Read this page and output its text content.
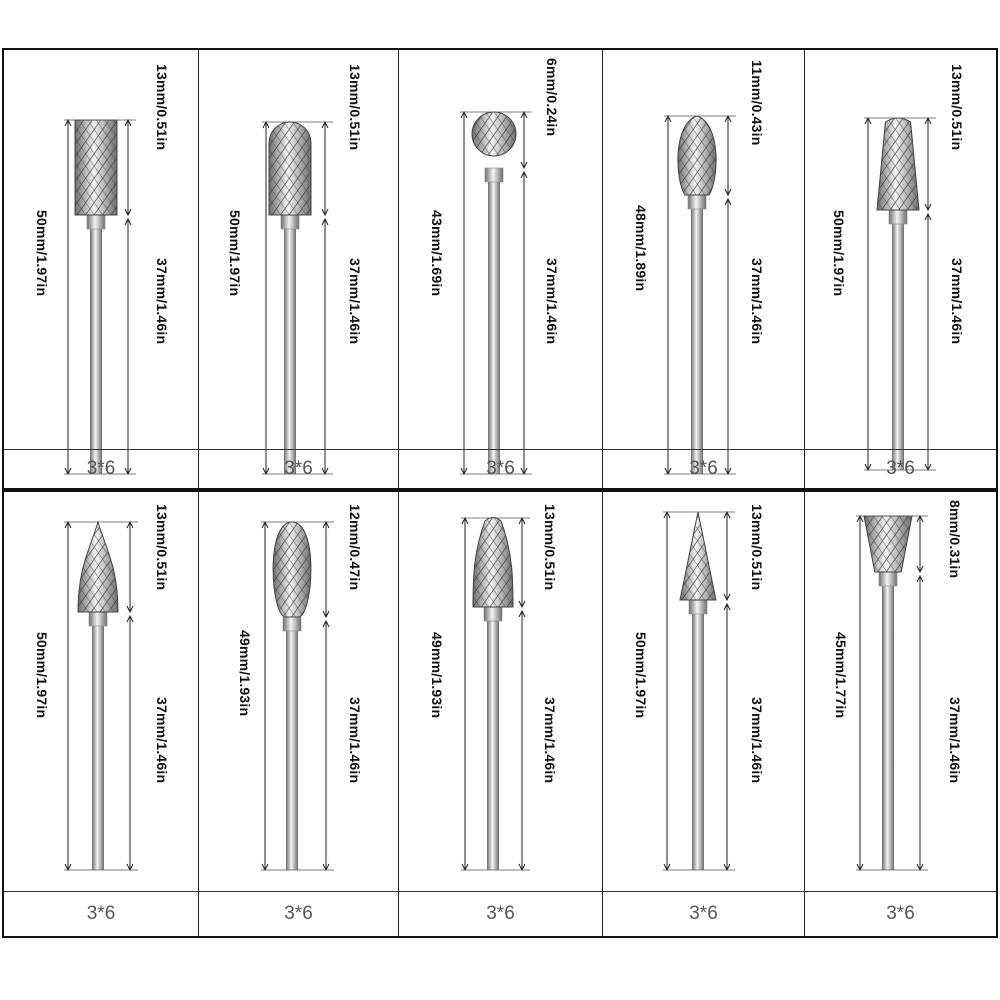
50mm/1.97in
13mm/0.51in
37mm/1.46in
3*6
50mm/1.97in
13mm/0.51in
37mm/1.46in
3*6
43mm/1.69in
6mm/0.24in
37mm/1.46in
3*6
48mm/1.89in
11mm/0.43in
37mm/1.46in
3*6
50mm/1.97in
13mm/0.51in
37mm/1.46in
3*6
50mm/1.97in
13mm/0.51in
37mm/1.46in
3*6
49mm/1.93in
12mm/0.47in
37mm/1.46in
3*6
49mm/1.93in
13mm/0.51in
37mm/1.46in
3*6
50mm/1.97in
13mm/0.51in
37mm/1.46in
3*6
45mm/1.77in
8mm/0.31in
37mm/1.46in
3*6
